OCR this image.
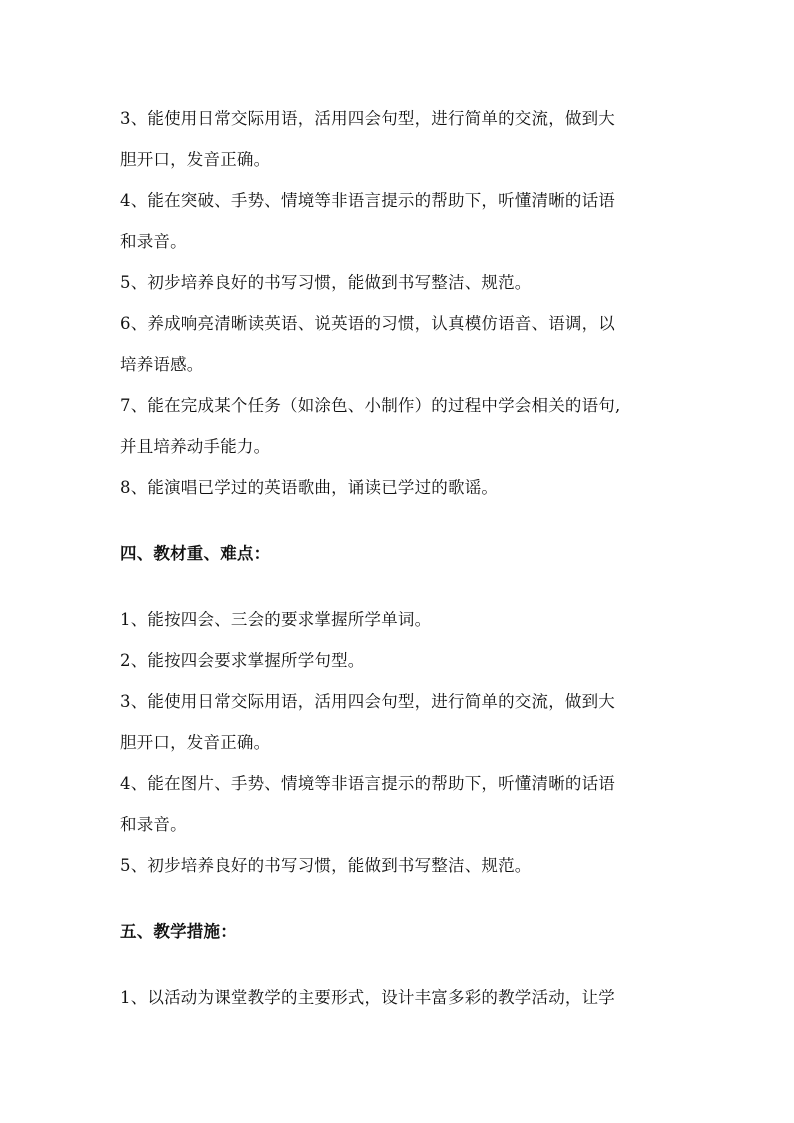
3、能使用日常交际用语，活用四会句型，进行简单的交流，做到大
胆开口，发音正确。
4、能在突破、手势、情境等非语言提示的帮助下，听懂清晰的话语
和录音。
5、初步培养良好的书写习惯，能做到书写整洁、规范。
6、养成响亮清晰读英语、说英语的习惯，认真模仿语音、语调，以
培养语感。
7、能在完成某个任务（如涂色、小制作）的过程中学会相关的语句,
并且培养动手能力。
8、能演唱已学过的英语歌曲，诵读已学过的歌谣。
四、教材重、难点：
1、能按四会、三会的要求掌握所学单词。
2、能按四会要求掌握所学句型。
3、能使用日常交际用语，活用四会句型，进行简单的交流，做到大
胆开口，发音正确。
4、能在图片、手势、情境等非语言提示的帮助下，听懂清晰的话语
和录音。
5、初步培养良好的书写习惯，能做到书写整洁、规范。
五、教学措施：
1、以活动为课堂教学的主要形式，设计丰富多彩的教学活动，让学
